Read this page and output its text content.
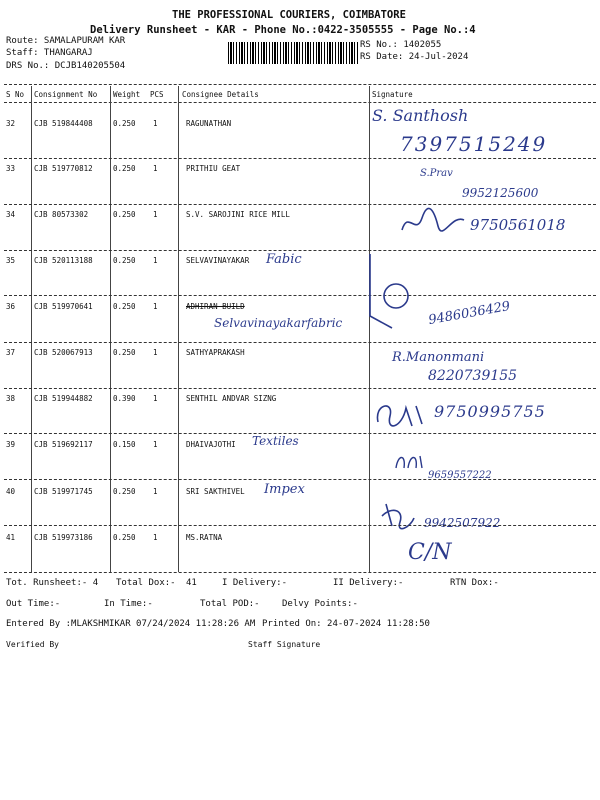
THE PROFESSIONAL COURIERS, COIMBATORE
Delivery Runsheet - KAR - Phone No.:0422-3505555 - Page No.:4
Route: SAMALAPURAM KAR
Staff: THANGARAJ
DRS No.: DCJB140205504
RS No.: 1402055
RS Date: 24-Jul-2024
S No Consignment No Weight PCS Consignee Details	Signature
32	CJB 519844408	0.250 1	RAGUNATHAN	S. Santhosh
7397515249
33	CJB 519770812	0.250 1	PRITHIU GEAT	S.Prav
9952125600
34	CJB 80573302	0.250 1	S.V. SAROJINI RICE MILL
9750561018
35	CJB 520113188	0.250 1	SELVAVINAYAKAR Fabic
36	CJB 519970641	0.250 1	ADHIRAN BUILD
Selvavinayakarfabric	9486036429
37	CJB 520067913	0.250 1	SATHYAPRAKASH	R.Manonmani
8220739155
38	CJB 519944882	0.390 1	SENTHIL ANDVAR SIZNG
9750995755
39	CJB 519692117	0.150 1	DHAIVAJOTHI Textiles
9659557222
40	CJB 519971745	0.250 1	SRI SAKTHIVEL Impex
9942507922
41	CJB 519973186	0.250 1	MS.RATNA
C/N
Tot. Runsheet:- 4 Total Dox:- 41	I Delivery:-	II Delivery:-	RTN Dox:-
Out Time:-	In Time:-	Total POD:- Delvy Points:-
Entered By :MLAKSHMIKAR 07/24/2024 11:28:26 AM Printed On: 24-07-2024 11:28:50
Verified By	Staff Signature
